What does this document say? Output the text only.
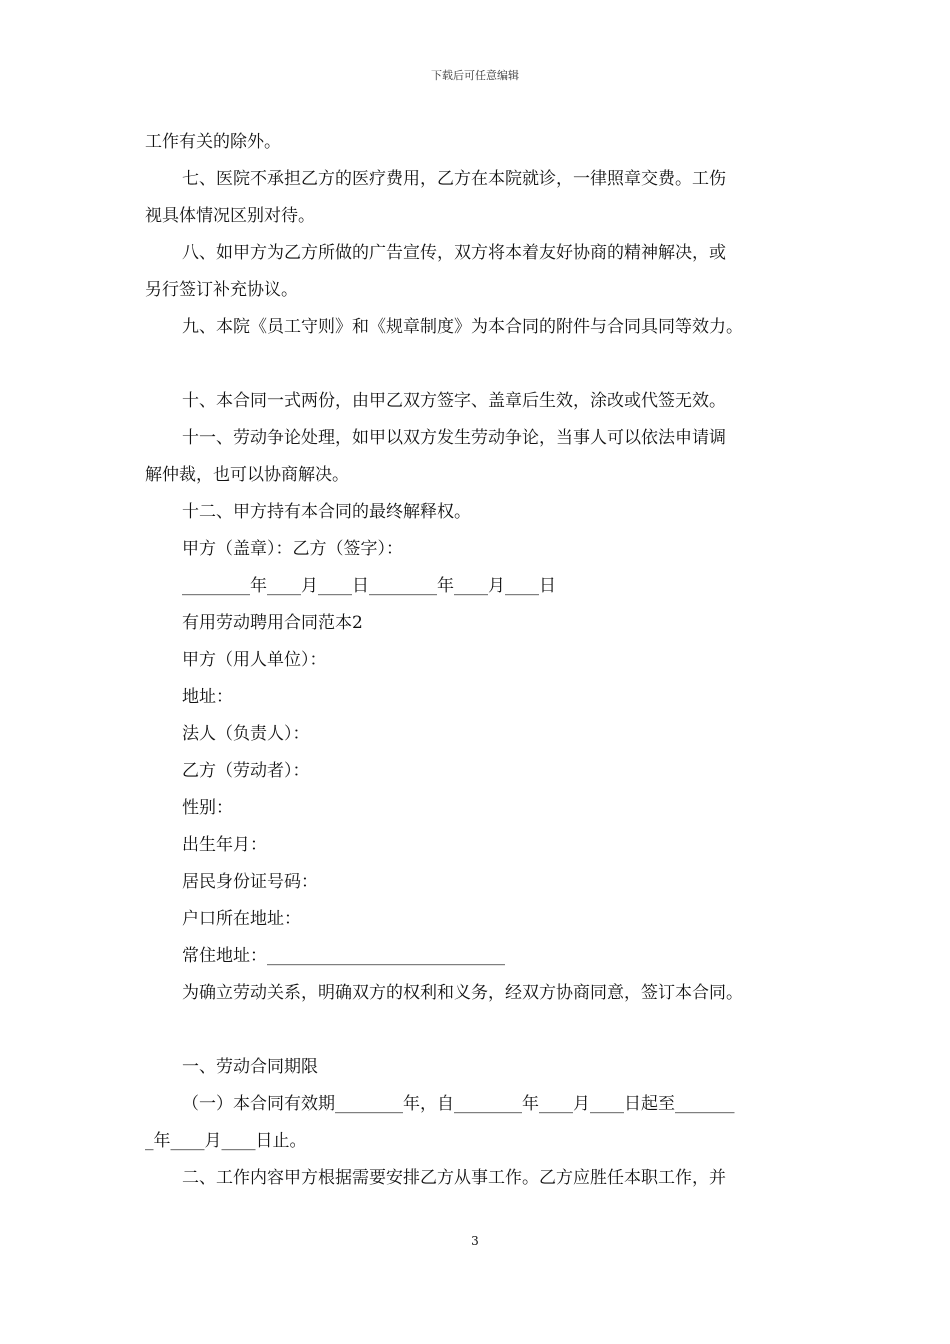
下载后可任意编辑

工作有关的除外。

七、医院不承担乙方的医疗费用，乙方在本院就诊，一律照章交费。工伤

视具体情况区别对待。

八、如甲方为乙方所做的广告宣传，双方将本着友好协商的精神解决，或

另行签订补充协议。

九、本院《员工守则》和《规章制度》为本合同的附件与合同具同等效力。

十、本合同一式两份，由甲乙双方签字、盖章后生效，涂改或代签无效。

十一、劳动争论处理，如甲以双方发生劳动争论，当事人可以依法申请调

解仲裁，也可以协商解决。

十二、甲方持有本合同的最终解释权。

甲方（盖章）：乙方（签字）：

________年____月____日________年____月____日

有用劳动聘用合同范本2

甲方（用人单位）：

地址：

法人（负责人）：

乙方（劳动者）：

性别：

出生年月：

居民身份证号码：

户口所在地址：

常住地址：____________________________

为确立劳动关系，明确双方的权利和义务，经双方协商同意，签订本合同。

一、劳动合同期限

（一）本合同有效期________年，自________年____月____日起至_______

_年____月____日止。

二、工作内容甲方根据需要安排乙方从事工作。乙方应胜任本职工作，并

3
